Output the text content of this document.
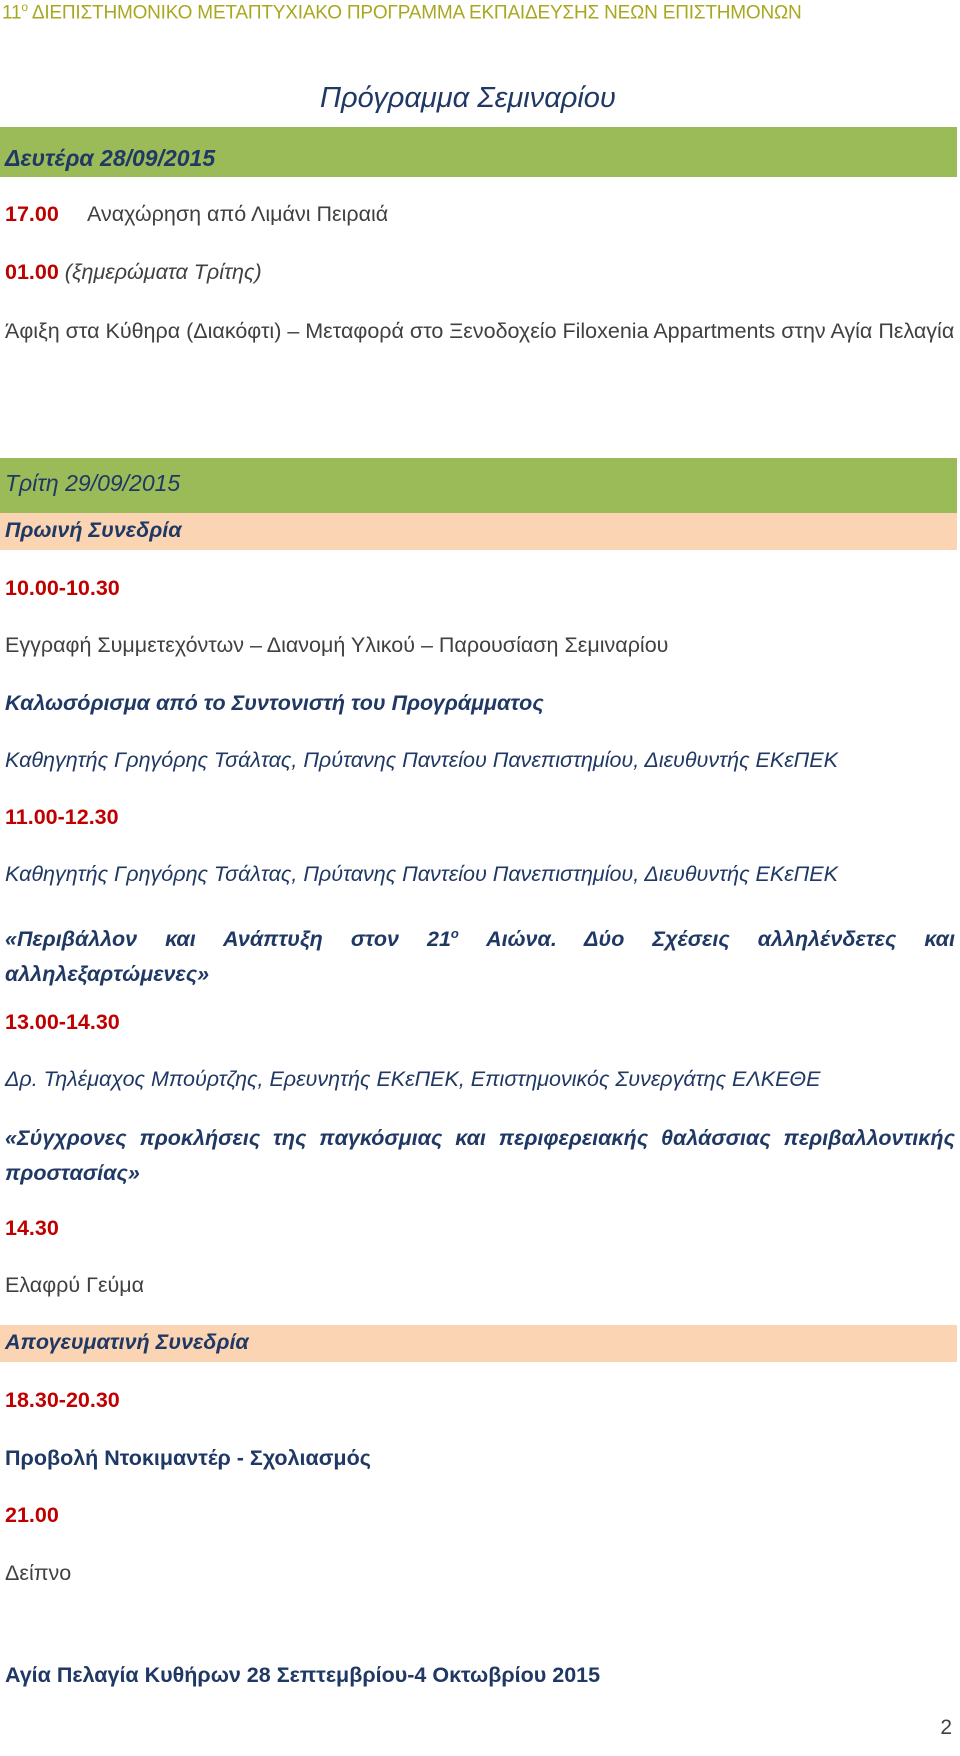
$11^o$ ΔΙΕΠΙΣΤΗΜΟΝΙΚΟ ΜΕΤΑΠΤΥΧΙΑΚΟ ΠΡΟΓΡΑΜΜΑ ΕΚΠΑΙΔΕΥΣΗΣ ΝΕΩΝ ΕΠΙΣΤΗΜΟΝΩΝ
Πρόγραμμα Σεμιναρίου
Δευτέρα 28/09/2015
17.00 Αναχώρηση από Λιμάνι Πειραιά
01.00 (ξημερώματα Τρίτης)
Άφιξη στα Κύθηρα (Διακόφτι) – Μεταφορά στο Ξενοδοχείο Filoxenia Appartments στην Αγία Πελαγία
Τρίτη 29/09/2015
Πρωινή Συνεδρία
10.00-10.30
Εγγραφή Συμμετεχόντων – Διανομή Υλικού – Παρουσίαση Σεμιναρίου
Καλωσόρισμα από το Συντονιστή του Προγράμματος
Καθηγητής Γρηγόρης Τσάλτας, Πρύτανης Παντείου Πανεπιστημίου, Διευθυντής ΕΚεΠΕΚ
11.00-12.30
Καθηγητής Γρηγόρης Τσάλτας, Πρύτανης Παντείου Πανεπιστημίου, Διευθυντής ΕΚεΠΕΚ
«Περιβάλλον και Ανάπτυξη στον $21^o$ Αιώνα. Δύο Σχέσεις αλληλένδετες και αλληλεξαρτώμενες»
13.00-14.30
Δρ. Τηλέμαχος Μπούρτζης, Ερευνητής ΕΚεΠΕΚ, Επιστημονικός Συνεργάτης ΕΛΚΕΘΕ
«Σύγχρονες προκλήσεις της παγκόσμιας και περιφερειακής θαλάσσιας περιβαλλοντικής προστασίας»
14.30
Ελαφρύ Γεύμα
Απογευματινή Συνεδρία
18.30-20.30
Προβολή Ντοκιμαντέρ - Σχολιασμός
21.00
Δείπνο
Αγία Πελαγία Κυθήρων 28 Σεπτεμβρίου-4 Οκτωβρίου 2015
2
